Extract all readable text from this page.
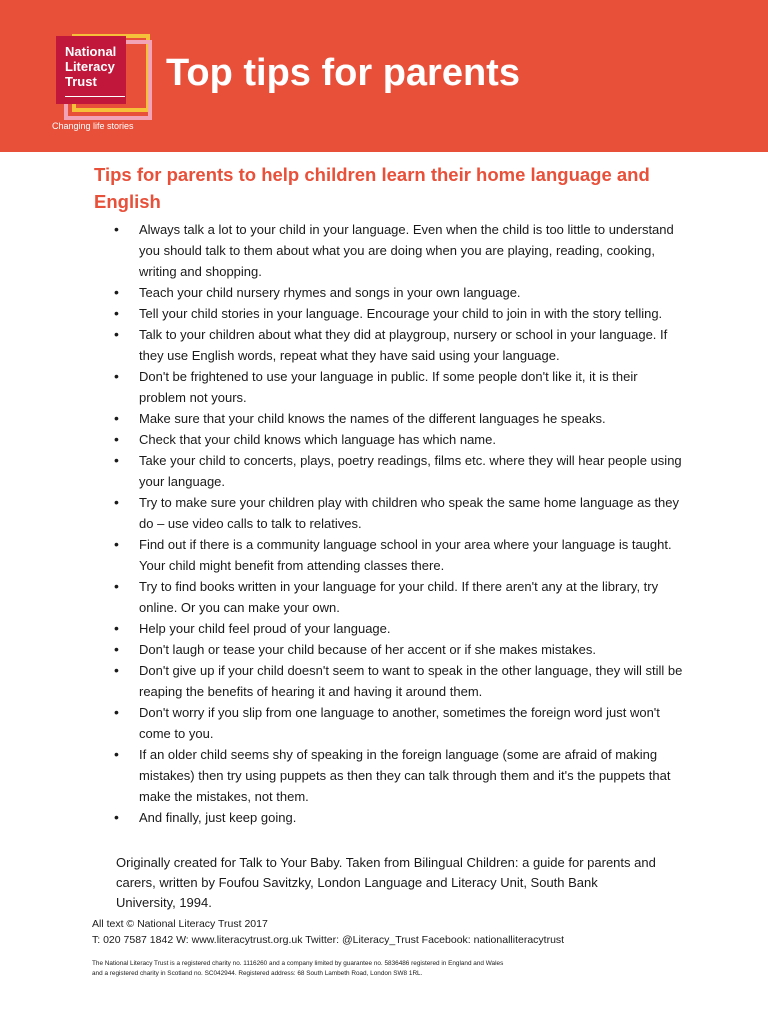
National Literacy Trust
Changing life stories
Top tips for parents
Tips for parents to help children learn their home language and English
• Always talk a lot to your child in your language. Even when the child is too little to understand you should talk to them about what you are doing when you are playing, reading, cooking, writing and shopping.
• Teach your child nursery rhymes and songs in your own language.
• Tell your child stories in your language. Encourage your child to join in with the story telling.
• Talk to your children about what they did at playgroup, nursery or school in your language. If they use English words, repeat what they have said using your language.
• Don't be frightened to use your language in public. If some people don't like it, it is their problem not yours.
• Make sure that your child knows the names of the different languages he speaks.
• Check that your child knows which language has which name.
• Take your child to concerts, plays, poetry readings, films etc. where they will hear people using your language.
• Try to make sure your children play with children who speak the same home language as they do – use video calls to talk to relatives.
• Find out if there is a community language school in your area where your language is taught. Your child might benefit from attending classes there.
• Try to find books written in your language for your child. If there aren't any at the library, try online. Or you can make your own.
• Help your child feel proud of your language.
• Don't laugh or tease your child because of her accent or if she makes mistakes.
• Don't give up if your child doesn't seem to want to speak in the other language, they will still be reaping the benefits of hearing it and having it around them.
• Don't worry if you slip from one language to another, sometimes the foreign word just won't come to you.
• If an older child seems shy of speaking in the foreign language (some are afraid of making mistakes) then try using puppets as then they can talk through them and it's the puppets that make the mistakes, not them.
• And finally, just keep going.
Originally created for Talk to Your Baby. Taken from Bilingual Children: a guide for parents and carers, written by Foufou Savitzky, London Language and Literacy Unit, South Bank University, 1994.
All text © National Literacy Trust 2017
T: 020 7587 1842 W: www.literacytrust.org.uk Twitter: @Literacy_Trust Facebook: nationalliteracytrust
The National Literacy Trust is a registered charity no. 1116260 and a company limited by guarantee no. 5836486 registered in England and Wales
and a registered charity in Scotland no. SC042944. Registered address: 68 South Lambeth Road, London SW8 1RL.
